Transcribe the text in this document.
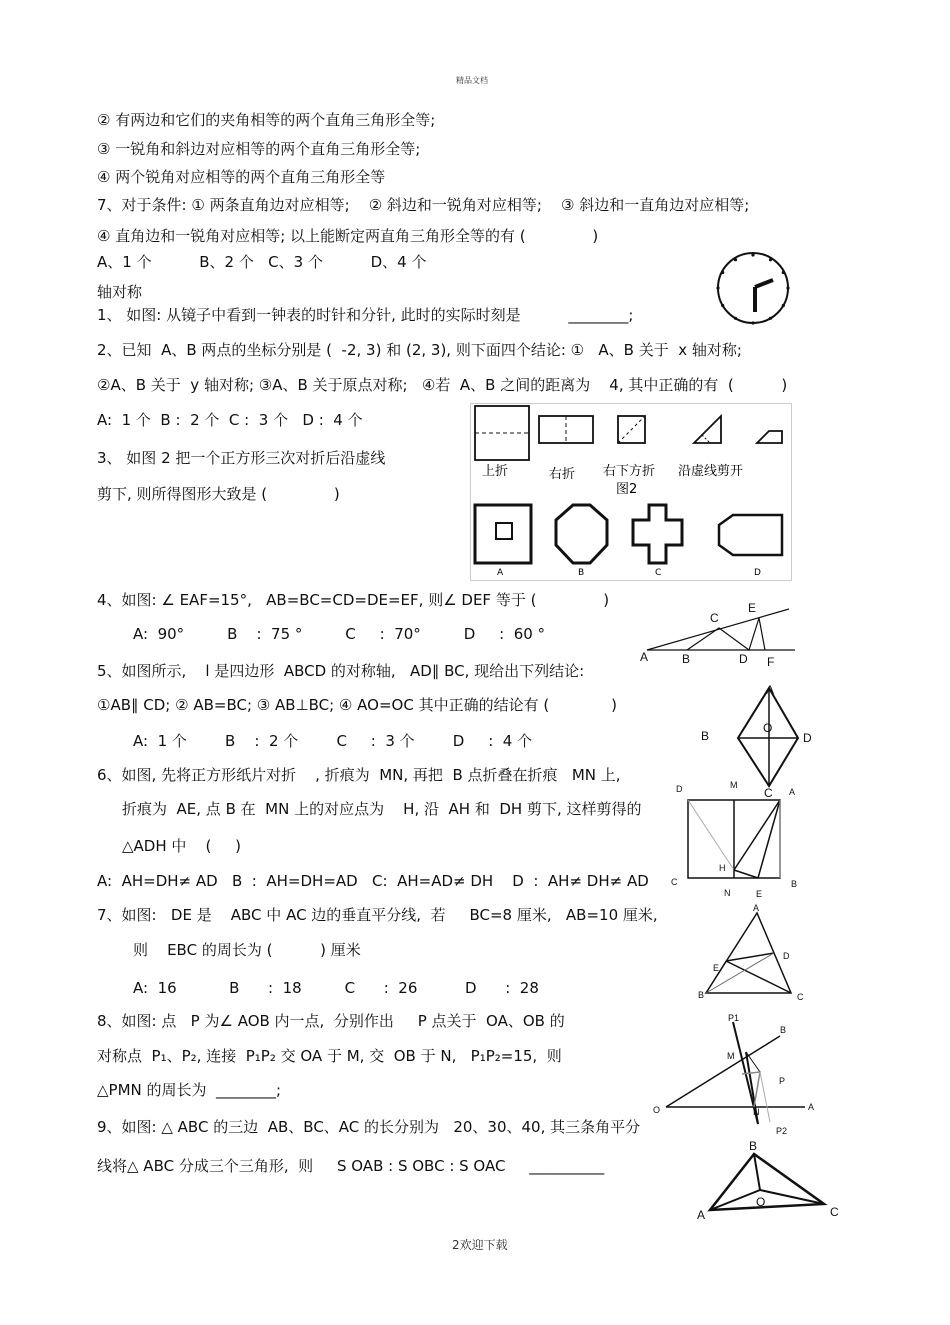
精品文档
② 有两边和它们的夹角相等的两个直角三角形全等;
③ 一锐角和斜边对应相等的两个直角三角形全等;
④ 两个锐角对应相等的两个直角三角形全等
7、对于条件: ① 两条直角边对应相等;    ② 斜边和一锐角对应相等;    ③ 斜边和一直角边对应相等;
④ 直角边和一锐角对应相等; 以上能断定两直角三角形全等的有 (              )
A、1 个          B、2 个   C、3 个          D、4 个
轴对称
1、 如图: 从镜子中看到一钟表的时针和分针, 此时的实际时刻是          ________;
2、已知  A、B 两点的坐标分别是 (  -2, 3) 和 (2, 3), 则下面四个结论: ①   A、B 关于  x 轴对称;
②A、B 关于  y 轴对称; ③A、B 关于原点对称;   ④若  A、B 之间的距离为    4, 其中正确的有  (          )
A:  1 个  B :  2 个  C :  3 个   D :  4 个
3、 如图 2 把一个正方形三次对折后沿虚线
剪下, 则所得图形大致是 (              )
4、如图: ∠ EAF=15°,   AB=BC=CD=DE=EF, 则∠ DEF 等于 (              )
A:  90°         B    :  75 °         C     :  70°         D     :  60 °
5、如图所示,    l 是四边形  ABCD 的对称轴,   AD∥ BC, 现给出下列结论:
①AB∥ CD; ② AB=BC; ③ AB⊥BC; ④ AO=OC 其中正确的结论有 (             )
A:  1 个        B    :  2 个        C     :  3 个        D     :  4 个
6、如图, 先将正方形纸片对折    , 折痕为  MN, 再把  B 点折叠在折痕   MN 上,
折痕为  AE, 点 B 在  MN 上的对应点为    H, 沿  AH 和  DH 剪下, 这样剪得的
△ADH 中    (     )
A:  AH=DH≠ AD   B  :  AH=DH=AD   C:  AH=AD≠ DH    D  :  AH≠ DH≠ AD
7、如图:   DE 是    ABC 中 AC 边的垂直平分线,  若     BC=8 厘米,   AB=10 厘米,
则    EBC 的周长为 (          ) 厘米
A:  16           B      :  18         C      :  26          D      :  28
8、如图: 点   P 为∠ AOB 内一点,  分别作出     P 点关于  OA、OB 的
对称点  P₁、P₂, 连接  P₁P₂ 交 OA 于 M, 交  OB 于 N,   P₁P₂=15,  则
△PMN 的周长为  ________;
9、如图: △ ABC 的三边  AB、BC、AC 的长分别为   20、30、40, 其三条角平分
线将△ ABC 分成三个三角形,  则     S OAB : S OBC : S OAC     __________
上折	右折 右下方折 沿虚线剪开
图2
A	B	C	D
A	B
C
D
E
F
A
B
C
D
O
D	M
A
H
C
N	E
B
A
D
E
B	C
P1
B
M
P
O	N	A
P2
B
O
A	C
2欢迎下载
